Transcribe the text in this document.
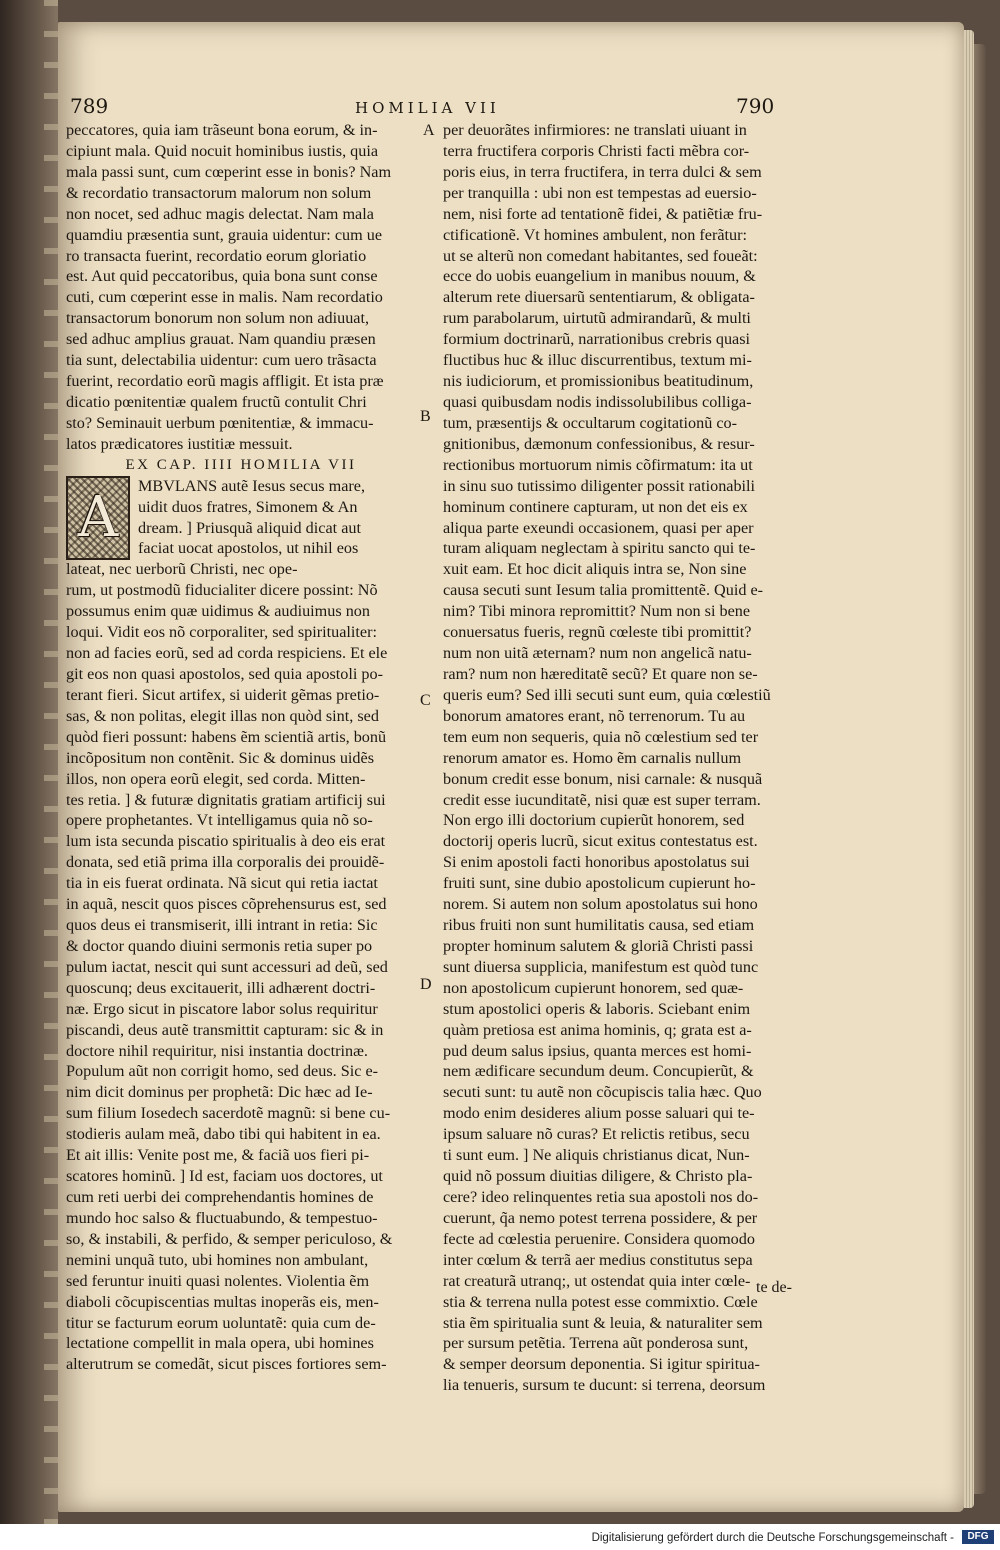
789	HOMILIA VII	790
peccatores, quia iam trãseunt bona eorum, & in-
cipiunt mala. Quid nocuit hominibus iustis, quia
mala passi sunt, cum cœperint esse in bonis? Nam
& recordatio transactorum malorum non solum
non nocet, sed adhuc magis delectat. Nam mala
quamdiu præsentia sunt, grauia uidentur: cum ue
ro transacta fuerint, recordatio eorum gloriatio
est. Aut quid peccatoribus, quia bona sunt conse
cuti, cum cœperint esse in malis. Nam recordatio
transactorum bonorum non solum non adiuuat,
sed adhuc amplius grauat. Nam quandiu præsen
tia sunt, delectabilia uidentur: cum uero trãsacta
fuerint, recordatio eorũ magis affligit. Et ista præ
dicatio pœnitentiæ qualem fructũ contulit Chri
sto? Seminauit uerbum pœnitentiæ, & immacu-
latos prædicatores iustitiæ messuit.
EX CAP. IIII HOMILIA VII
A MBVLANS autẽ Iesus secus mare,
uidit duos fratres, Simonem & An
dream. ] Priusquã aliquid dicat aut
faciat uocat apostolos, ut nihil eos
lateat, nec uerborũ Christi, nec ope-
rum, ut postmodũ fiducialiter dicere possint: Nõ
possumus enim quæ uidimus & audiuimus non
loqui. Vidit eos nõ corporaliter, sed spiritualiter:
non ad facies eorũ, sed ad corda respiciens. Et ele
git eos non quasi apostolos, sed quia apostoli po-
terant fieri. Sicut artifex, si uiderit gẽmas pretio-
sas, & non politas, elegit illas non quòd sint, sed
quòd fieri possunt: habens ẽm scientiã artis, bonũ
incõpositum non contẽnit. Sic & dominus uidẽs
illos, non opera eorũ elegit, sed corda. Mitten-
tes retia. ] & futuræ dignitatis gratiam artificij sui
opere prophetantes. Vt intelligamus quia nõ so-
lum ista secunda piscatio spiritualis à deo eis erat
donata, sed etiã prima illa corporalis dei prouidẽ-
tia in eis fuerat ordinata. Nã sicut qui retia iactat
in aquã, nescit quos pisces cõprehensurus est, sed
quos deus ei transmiserit, illi intrant in retia: Sic
& doctor quando diuini sermonis retia super po
pulum iactat, nescit qui sunt accessuri ad deũ, sed
quoscunq; deus excitauerit, illi adhærent doctri-
næ. Ergo sicut in piscatore labor solus requiritur
piscandi, deus autẽ transmittit capturam: sic & in
doctore nihil requiritur, nisi instantia doctrinæ.
Populum aũt non corrigit homo, sed deus. Sic e-
nim dicit dominus per prophetã: Dic hæc ad Ie-
sum filium Iosedech sacerdotẽ magnũ: si bene cu-
stodieris aulam meã, dabo tibi qui habitent in ea.
Et ait illis: Venite post me, & faciã uos fieri pi-
scatores hominũ. ] Id est, faciam uos doctores, ut
cum reti uerbi dei comprehendantis homines de
mundo hoc salso & fluctuabundo, & tempestuo-
so, & instabili, & perfido, & semper periculoso, &
nemini unquã tuto, ubi homines non ambulant,
sed feruntur inuiti quasi nolentes. Violentia ẽm
diaboli cõcupiscentias multas inoperãs eis, men-
titur se facturum eorum uoluntatẽ: quia cum de-
lectatione compellit in mala opera, ubi homines
alterutrum se comedãt, sicut pisces fortiores sem-
per deuorãtes infirmiores: ne translati uiuant in
terra fructifera corporis Christi facti mẽbra cor-
poris eius, in terra fructifera, in terra dulci & sem
per tranquilla : ubi non est tempestas ad euersio-
nem, nisi forte ad tentationẽ fidei, & patiẽtiæ fru-
ctificationẽ. Vt homines ambulent, non ferãtur:
ut se alterũ non comedant habitantes, sed foueãt:
ecce do uobis euangelium in manibus nouum, &
alterum rete diuersarũ sententiarum, & obligata-
rum parabolarum, uirtutũ admirandarũ, & multi
formium doctrinarũ, narrationibus crebris quasi
fluctibus huc & illuc discurrentibus, textum mi-
nis iudiciorum, et promissionibus beatitudinum,
quasi quibusdam nodis indissolubilibus colliga-
tum, præsentijs & occultarum cogitationũ co-
gnitionibus, dæmonum confessionibus, & resur-
rectionibus mortuorum nimis cõfirmatum: ita ut
in sinu suo tutissimo diligenter possit rationabili
hominum continere capturam, ut non det eis ex
aliqua parte exeundi occasionem, quasi per aper
turam aliquam neglectam à spiritu sancto qui te-
xuit eam. Et hoc dicit aliquis intra se, Non sine
causa secuti sunt Iesum talia promittentẽ. Quid e-
nim? Tibi minora repromittit? Num non si bene
conuersatus fueris, regnũ cœleste tibi promittit?
num non uitã æternam? num non angelicã natu-
ram? num non hæreditatẽ secũ? Et quare non se-
queris eum? Sed illi secuti sunt eum, quia cœlestiũ
bonorum amatores erant, nõ terrenorum. Tu au
tem eum non sequeris, quia nõ cœlestium sed ter
renorum amator es. Homo ẽm carnalis nullum
bonum credit esse bonum, nisi carnale: & nusquã
credit esse iucunditatẽ, nisi quæ est super terram.
Non ergo illi doctorium cupierũt honorem, sed
doctorij operis lucrũ, sicut exitus contestatus est.
Si enim apostoli facti honoribus apostolatus sui
fruiti sunt, sine dubio apostolicum cupierunt ho-
norem. Si autem non solum apostolatus sui hono
ribus fruiti non sunt humilitatis causa, sed etiam
propter hominum salutem & gloriã Christi passi
sunt diuersa supplicia, manifestum est quòd tunc
non apostolicum cupierunt honorem, sed quæ-
stum apostolici operis & laboris. Sciebant enim
quàm pretiosa est anima hominis, q; grata est a-
pud deum salus ipsius, quanta merces est homi-
nem ædificare secundum deum. Concupierũt, &
secuti sunt: tu autẽ non cõcupiscis talia hæc. Quo
modo enim desideres alium posse saluari qui te-
ipsum saluare nõ curas? Et relictis retibus, secu
ti sunt eum. ] Ne aliquis christianus dicat, Nun-
quid nõ possum diuitias diligere, & Christo pla-
cere? ideo relinquentes retia sua apostoli nos do-
cuerunt, q̃a nemo potest terrena possidere, & per
fecte ad cœlestia peruenire. Considera quomodo
inter cœlum & terrã aer medius constitutus sepa
rat creaturã utranq;, ut ostendat quia inter cœle-
stia & terrena nulla potest esse commixtio. Cœle
stia ẽm spiritualia sunt & leuia, & naturaliter sem
per sursum petẽtia. Terrena aũt ponderosa sunt,
& semper deorsum deponentia. Si igitur spiritua-
lia tenueris, sursum te ducunt: si terrena, deorsum
A
B
C
D
te de-
Digitalisierung gefördert durch die Deutsche Forschungsgemeinschaft -	DFG
